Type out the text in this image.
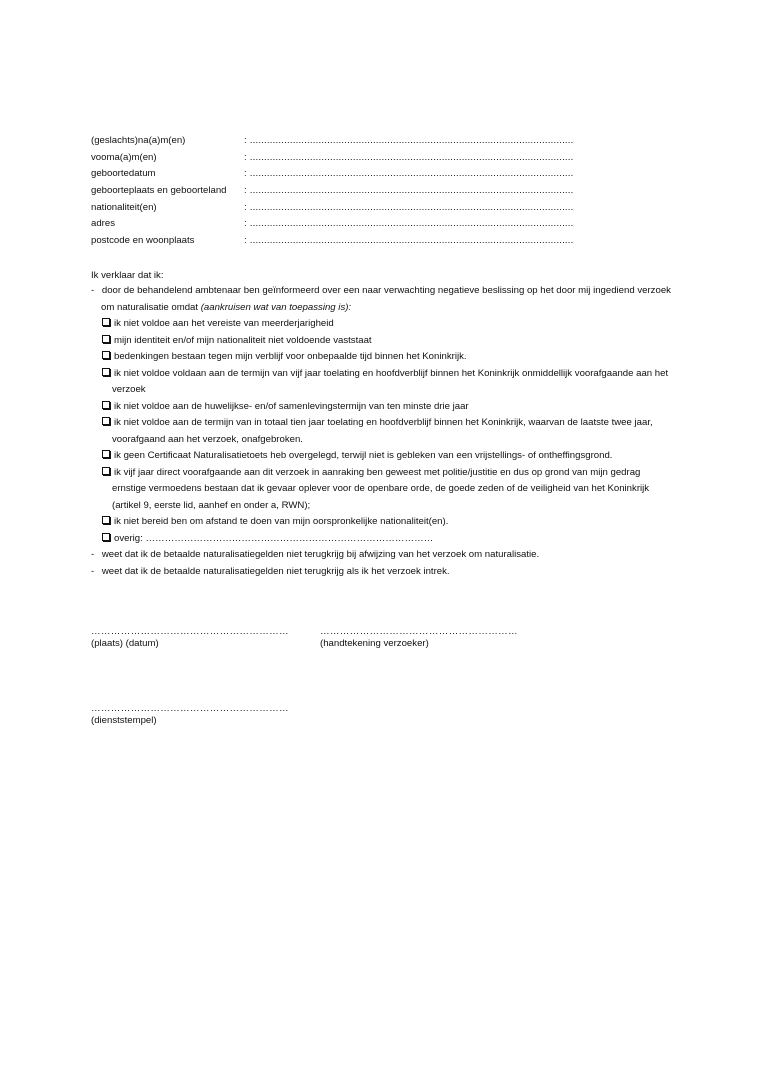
(geslachts)na(a)m(en)	: .................................................................................................................
vooma(a)m(en)	: .................................................................................................................
geboortedatum	: .................................................................................................................
geboorteplaats en geboorteland : .................................................................................................................
nationaliteit(en)	: .................................................................................................................
adres	: .................................................................................................................
postcode en woonplaats	: .................................................................................................................
Ik verklaar dat ik:
- door de behandelend ambtenaar ben geïnformeerd over een naar verwachting negatieve beslissing op het door mij ingediend verzoek
om naturalisatie omdat (aankruisen wat van toepassing is):
ik niet voldoe aan het vereiste van meerderjarigheid
mijn identiteit en/of mijn nationaliteit niet voldoende vaststaat
bedenkingen bestaan tegen mijn verblijf voor onbepaalde tijd binnen het Koninkrijk.
ik niet voldoe voldaan aan de termijn van vijf jaar toelating en hoofdverblijf binnen het Koninkrijk onmiddellijk voorafgaande aan het
verzoek
ik niet voldoe aan de huwelijkse- en/of samenlevingstermijn van ten minste drie jaar
ik niet voldoe aan de termijn van in totaal tien jaar toelating en hoofdverblijf binnen het Koninkrijk, waarvan de laatste twee jaar,
voorafgaand aan het verzoek, onafgebroken.
ik geen Certificaat Naturalisatietoets heb overgelegd, terwijl niet is gebleken van een vrijstellings- of ontheffingsgrond.
ik vijf jaar direct voorafgaande aan dit verzoek in aanraking ben geweest met politie/justitie en dus op grond van mijn gedrag
ernstige vermoedens bestaan dat ik gevaar oplever voor de openbare orde, de goede zeden of de veiligheid van het Koninkrijk
(artikel 9, eerste lid, aanhef en onder a, RWN);
ik niet bereid ben om afstand te doen van mijn oorspronkelijke nationaliteit(en).
overig: ………………………………………………………………………………
- weet dat ik de betaalde naturalisatiegelden niet terugkrijg bij afwijzing van het verzoek om naturalisatie.
- weet dat ik de betaalde naturalisatiegelden niet terugkrijg als ik het verzoek intrek.
……………………………………………………
(plaats) (datum)
……………………………………………………
(handtekening verzoeker)
……………………………………………………
(dienststempel)
